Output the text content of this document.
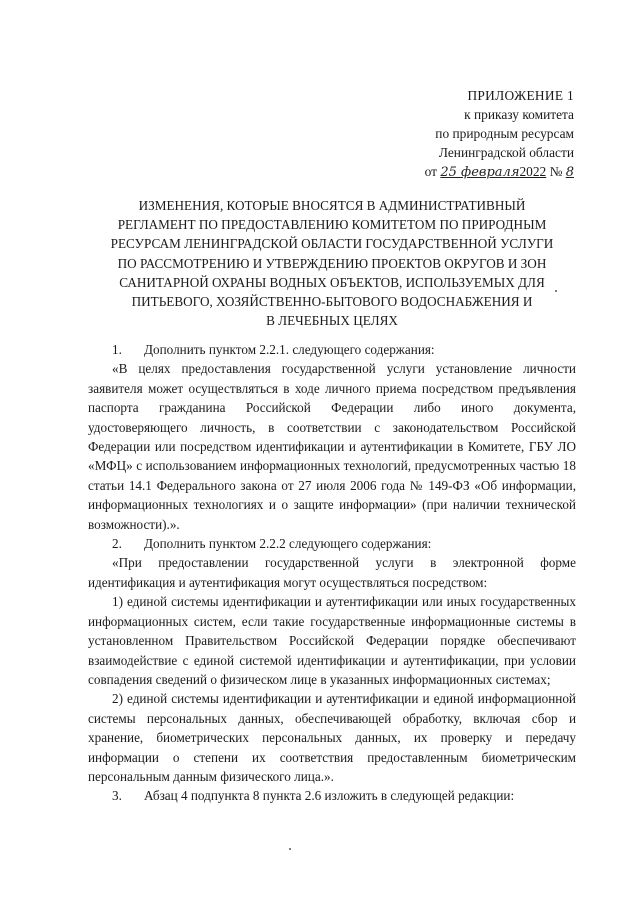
ПРИЛОЖЕНИЕ 1
к приказу комитета
по природным ресурсам
Ленинградской области
от 25 февраля2022 № 8
ИЗМЕНЕНИЯ, КОТОРЫЕ ВНОСЯТСЯ В АДМИНИСТРАТИВНЫЙ
РЕГЛАМЕНТ ПО ПРЕДОСТАВЛЕНИЮ КОМИТЕТОМ ПО ПРИРОДНЫМ
РЕСУРСАМ ЛЕНИНГРАДСКОЙ ОБЛАСТИ ГОСУДАРСТВЕННОЙ УСЛУГИ
ПО РАССМОТРЕНИЮ И УТВЕРЖДЕНИЮ ПРОЕКТОВ ОКРУГОВ И ЗОН
САНИТАРНОЙ ОХРАНЫ ВОДНЫХ ОБЪЕКТОВ, ИСПОЛЬЗУЕМЫХ ДЛЯ
ПИТЬЕВОГО, ХОЗЯЙСТВЕННО-БЫТОВОГО ВОДОСНАБЖЕНИЯ И
В ЛЕЧЕБНЫХ ЦЕЛЯХ

1. Дополнить пунктом 2.2.1. следующего содержания:

«В целях предоставления государственной услуги установление личности заявителя может осуществляться в ходе личного приема посредством предъявления паспорта гражданина Российской Федерации либо иного документа, удостоверяющего личность, в соответствии с законодательством Российской Федерации или посредством идентификации и аутентификации в Комитете, ГБУ ЛО «МФЦ» с использованием информационных технологий, предусмотренных частью 18 статьи 14.1 Федерального закона от 27 июля 2006 года № 149-ФЗ «Об информации, информационных технологиях и о защите информации» (при наличии технической возможности).».

2. Дополнить пунктом 2.2.2 следующего содержания:

«При предоставлении государственной услуги в электронной форме идентификация и аутентификация могут осуществляться посредством:

1) единой системы идентификации и аутентификации или иных государственных информационных систем, если такие государственные информационные системы в установленном Правительством Российской Федерации порядке обеспечивают взаимодействие с единой системой идентификации и аутентификации, при условии совпадения сведений о физическом лице в указанных информационных системах;

2) единой системы идентификации и аутентификации и единой информационной системы персональных данных, обеспечивающей обработку, включая сбор и хранение, биометрических персональных данных, их проверку и передачу информации о степени их соответствия предоставленным биометрическим персональным данным физического лица.».

3. Абзац 4 подпункта 8 пункта 2.6 изложить в следующей редакции:
